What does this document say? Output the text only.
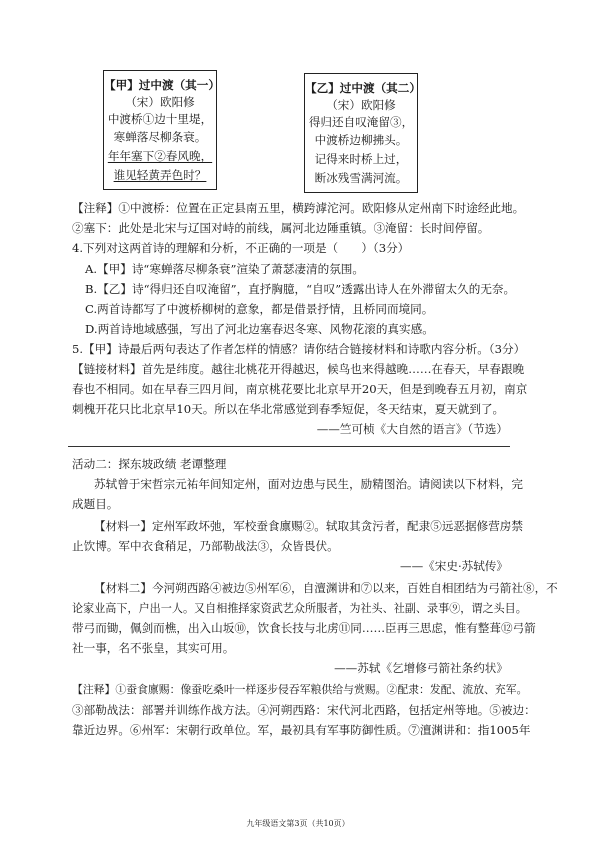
【甲】过中渡（其一）
（宋）欧阳修
中渡桥①边十里堤，
寒蝉落尽柳条衰。
年年塞下②春风晚，
谁见轻黄弄色时？
【乙】过中渡（其二）
（宋）欧阳修
得归还自叹淹留③，
中渡桥边柳拂头。
记得来时桥上过，
断冰残雪满河流。
【注释】①中渡桥：位置在正定县南五里，横跨滹沱河。欧阳修从定州南下时途经此地。
②塞下：此处是北宋与辽国对峙的前线，属河北边陲重镇。③淹留：长时间停留。
4.下列对这两首诗的理解和分析，不正确的一项是（　　）（3分）
A.【甲】诗“寒蝉落尽柳条衰”渲染了萧瑟凄清的氛围。
B.【乙】诗“得归还自叹淹留”，直抒胸臆，“自叹”透露出诗人在外滞留太久的无奈。
C.两首诗都写了中渡桥柳树的意象，都是借景抒情，且桥同而境同。
D.两首诗地域感强，写出了河北边塞春迟冬寒、风物花滚的真实感。
5.【甲】诗最后两句表达了作者怎样的情感？请你结合链接材料和诗歌内容分析。（3分）
【链接材料】首先是纬度。越往北桃花开得越迟，候鸟也来得越晚……在春天，早春跟晚
春也不相同。如在早春三四月间，南京桃花要比北京早开20天，但是到晚春五月初，南京
刺槐开花只比北京早10天。所以在华北常感觉到春季短促，冬天结束，夏天就到了。
——竺可桢《大自然的语言》（节选）
活动二：探东坡政绩 老谭整理
苏轼曾于宋哲宗元祐年间知定州，面对边患与民生，励精图治。请阅读以下材料，完
成题目。
【材料一】定州军政坏弛，军校蚕食廪赐②。轼取其贪污者，配隶⑤远恶据修营房禁
止饮博。军中衣食稍足，乃部勒战法③，众皆畏伏。
——《宋史·苏轼传》
【材料二】今河朔西路④被边⑤州军⑥，自澶渊讲和⑦以来，百姓自相团结为弓箭社⑧，不
论家业高下，户出一人。又自相推择家资武艺众所服者，为社头、社副、录事⑨，谓之头目。
带弓而锄，佩剑而樵，出入山坂⑩，饮食长技与北虏⑪同……臣再三思虑，惟有整葺⑫弓箭
社一事，名不张皇，其实可用。
——苏轼《乞增修弓箭社条约状》
【注释】①蚕食廪赐：像蚕吃桑叶一样逐步侵吞军粮供给与赏赐。②配隶：发配、流放、充军。
③部勒战法：部署并训练作战方法。④河朔西路：宋代河北西路，包括定州等地。⑤被边：
靠近边界。⑥州军：宋朝行政单位。军，最初具有军事防御性质。⑦澶渊讲和：指1005年
九年级语文第3页（共10页）
